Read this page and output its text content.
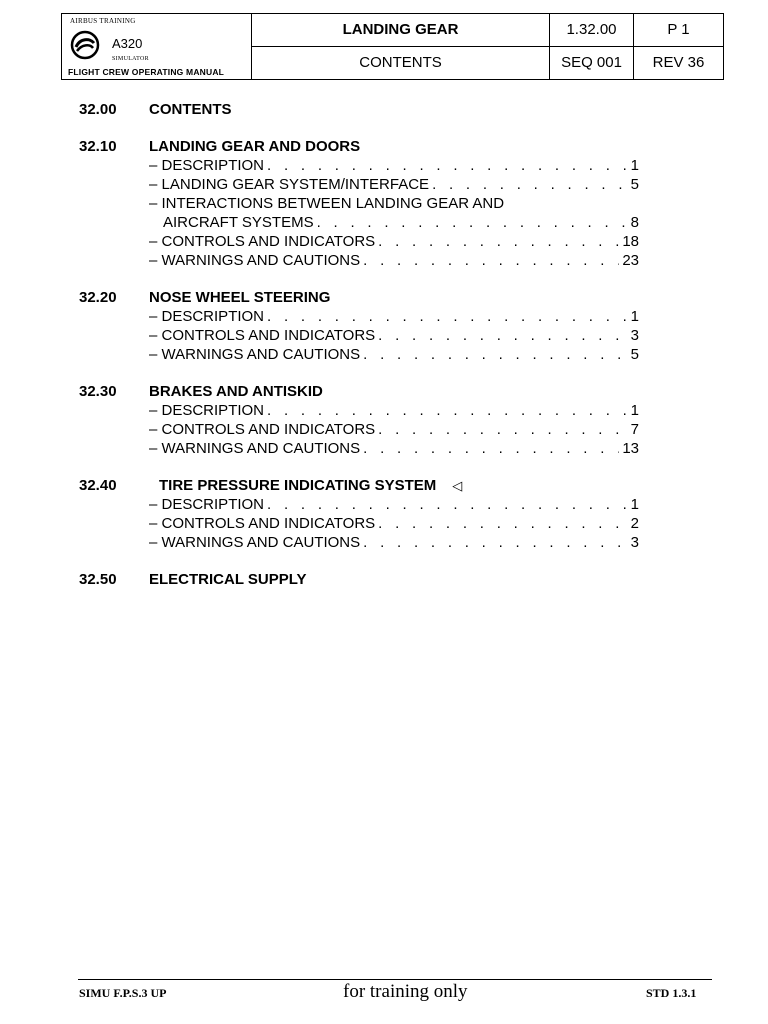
AIRBUS TRAINING
A320
SIMULATOR
FLIGHT CREW OPERATING MANUAL
LANDING GEAR	1.32.00	P 1
CONTENTS	SEQ 001	REV 36
32.00	CONTENTS
32.10	LANDING GEAR AND DOORS
– DESCRIPTION . . .	1
– LANDING GEAR SYSTEM/INTERFACE . . .	5
– INTERACTIONS BETWEEN LANDING GEAR AND
AIRCRAFT SYSTEMS . . .	8
– CONTROLS AND INDICATORS . . .	18
– WARNINGS AND CAUTIONS . . .	23
32.20	NOSE WHEEL STEERING
– DESCRIPTION . . .	1
– CONTROLS AND INDICATORS . . .	3
– WARNINGS AND CAUTIONS . . .	5
32.30	BRAKES AND ANTISKID
– DESCRIPTION . . .	1
– CONTROLS AND INDICATORS . . .	7
– WARNINGS AND CAUTIONS . . .	13
32.40	TIRE PRESSURE INDICATING SYSTEM ◁
– DESCRIPTION . . .	1
– CONTROLS AND INDICATORS . . .	2
– WARNINGS AND CAUTIONS . . .	3
32.50	ELECTRICAL SUPPLY
SIMU F.P.S.3 UP	for training only	STD 1.3.1
